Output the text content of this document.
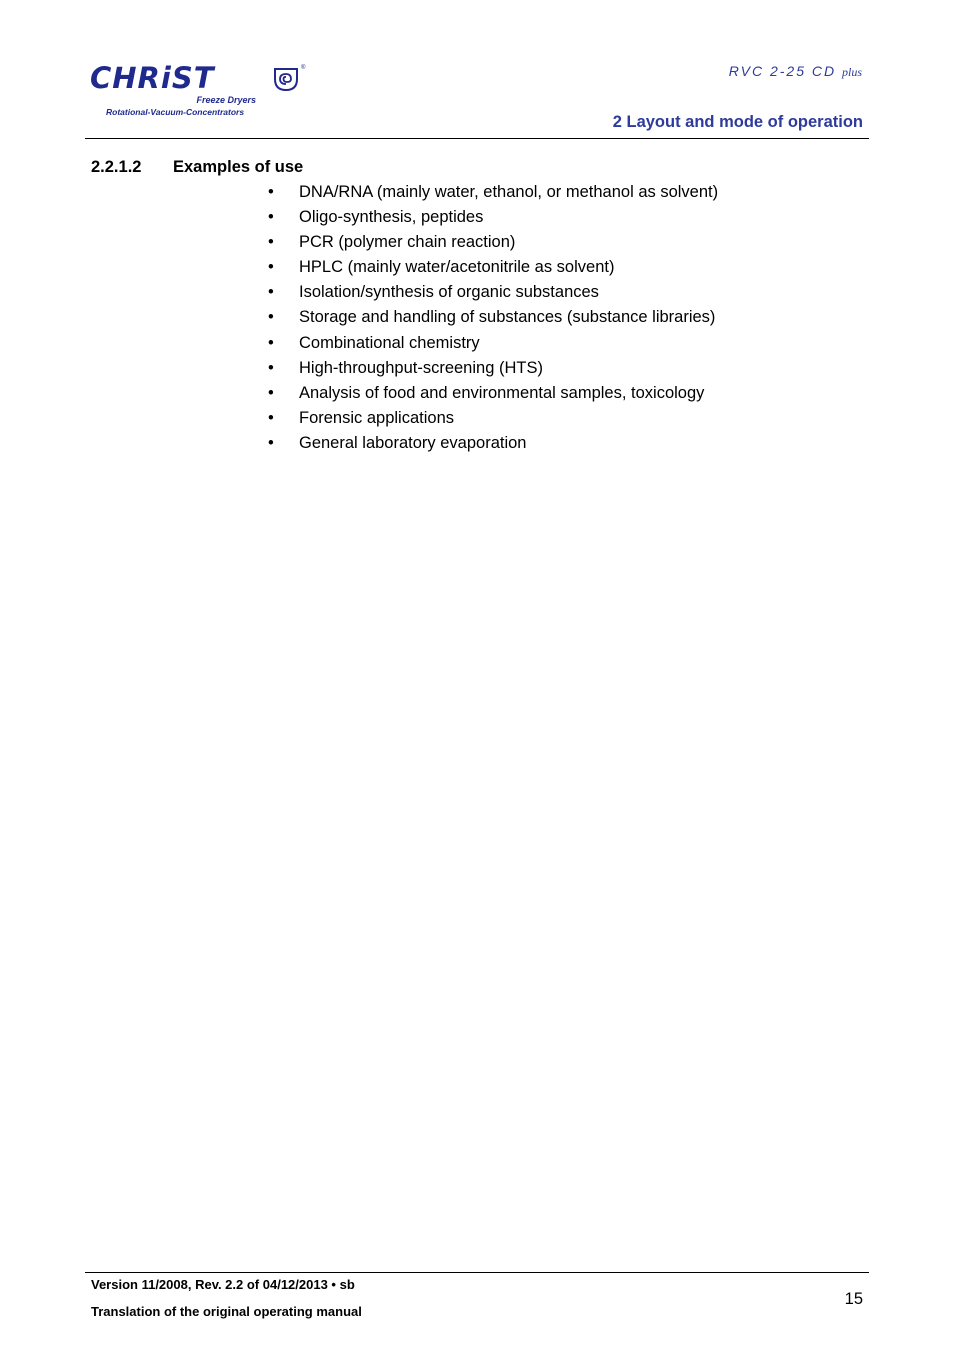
CHRiST	®
Freeze Dryers
Rotational-Vacuum-Concentrators
RVC 2-25 CD plus
2 Layout and mode of operation
2.2.1.2 Examples of use
• DNA/RNA (mainly water, ethanol, or methanol as solvent)
• Oligo-synthesis, peptides
• PCR (polymer chain reaction)
• HPLC (mainly water/acetonitrile as solvent)
• Isolation/synthesis of organic substances
• Storage and handling of substances (substance libraries)
• Combinational chemistry
• High-throughput-screening (HTS)
• Analysis of food and environmental samples, toxicology
• Forensic applications
• General laboratory evaporation
Version 11/2008, Rev. 2.2 of 04/12/2013 • sb
Translation of the original operating manual
15
